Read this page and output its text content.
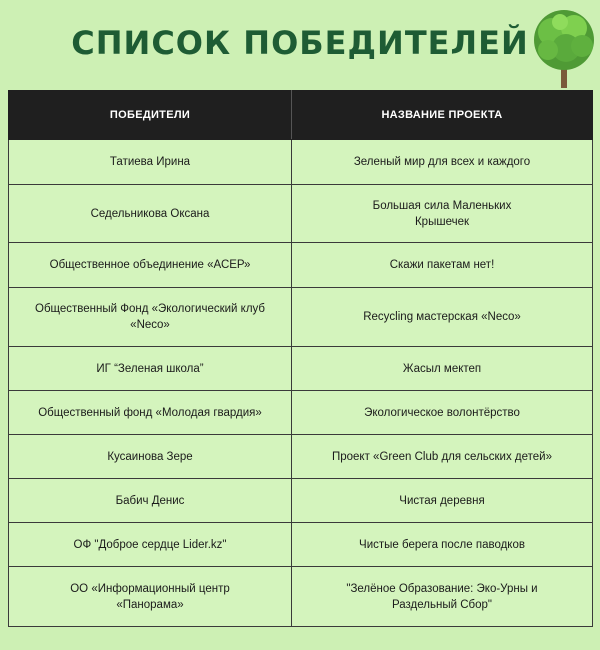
СПИСОК ПОБЕДИТЕЛЕЙ
ПОБЕДИТЕЛИ	НАЗВАНИЕ ПРОЕКТА
Татиева Ирина	Зеленый мир для всех и каждого
Седельникова Оксана	Большая сила Маленьких Крышечек
Общественное объединение «АСЕР»	Скажи пакетам нет!
Общественный Фонд «Экологический клуб «Neco»	Recycling мастерская «Neco»
ИГ “Зеленая школа”	Жасыл мектеп
Общественный фонд «Молодая гвардия»	Экологическое волонтёрство
Кусаинова Зере	Проект «Green Club для сельских детей»
Бабич Денис	Чистая деревня
ОФ "Доброе сердце Lider.kz"	Чистые берега после паводков
ОО «Информационный центр «Панорама»	"Зелёное Образование: Эко-Урны и Раздельный Сбор"
